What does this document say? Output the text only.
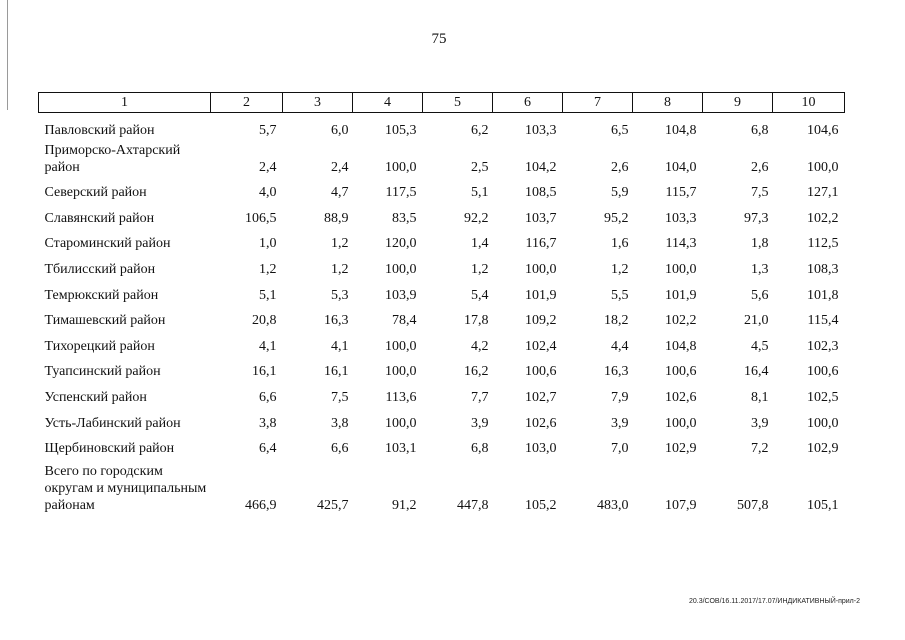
75
1	2	3	4	5	6	7	8	9	10
Павловский район	5,7	6,0	105,3	6,2	103,3	6,5	104,8	6,8	104,6
Приморско-Ахтарский район	2,4	2,4	100,0	2,5	104,2	2,6	104,0	2,6	100,0
Северский район	4,0	4,7	117,5	5,1	108,5	5,9	115,7	7,5	127,1
Славянский район	106,5	88,9	83,5	92,2	103,7	95,2	103,3	97,3	102,2
Староминский район	1,0	1,2	120,0	1,4	116,7	1,6	114,3	1,8	112,5
Тбилисский район	1,2	1,2	100,0	1,2	100,0	1,2	100,0	1,3	108,3
Темрюкский район	5,1	5,3	103,9	5,4	101,9	5,5	101,9	5,6	101,8
Тимашевский район	20,8	16,3	78,4	17,8	109,2	18,2	102,2	21,0	115,4
Тихорецкий район	4,1	4,1	100,0	4,2	102,4	4,4	104,8	4,5	102,3
Туапсинский район	16,1	16,1	100,0	16,2	100,6	16,3	100,6	16,4	100,6
Успенский район	6,6	7,5	113,6	7,7	102,7	7,9	102,6	8,1	102,5
Усть-Лабинский район	3,8	3,8	100,0	3,9	102,6	3,9	100,0	3,9	100,0
Щербиновский район	6,4	6,6	103,1	6,8	103,0	7,0	102,9	7,2	102,9
Всего по городским округам и муниципальным районам	466,9	425,7	91,2	447,8	105,2	483,0	107,9	507,8	105,1
20.3/СОВ/16.11.2017/17.07/ИНДИКАТИВНЫЙ-прил-2
